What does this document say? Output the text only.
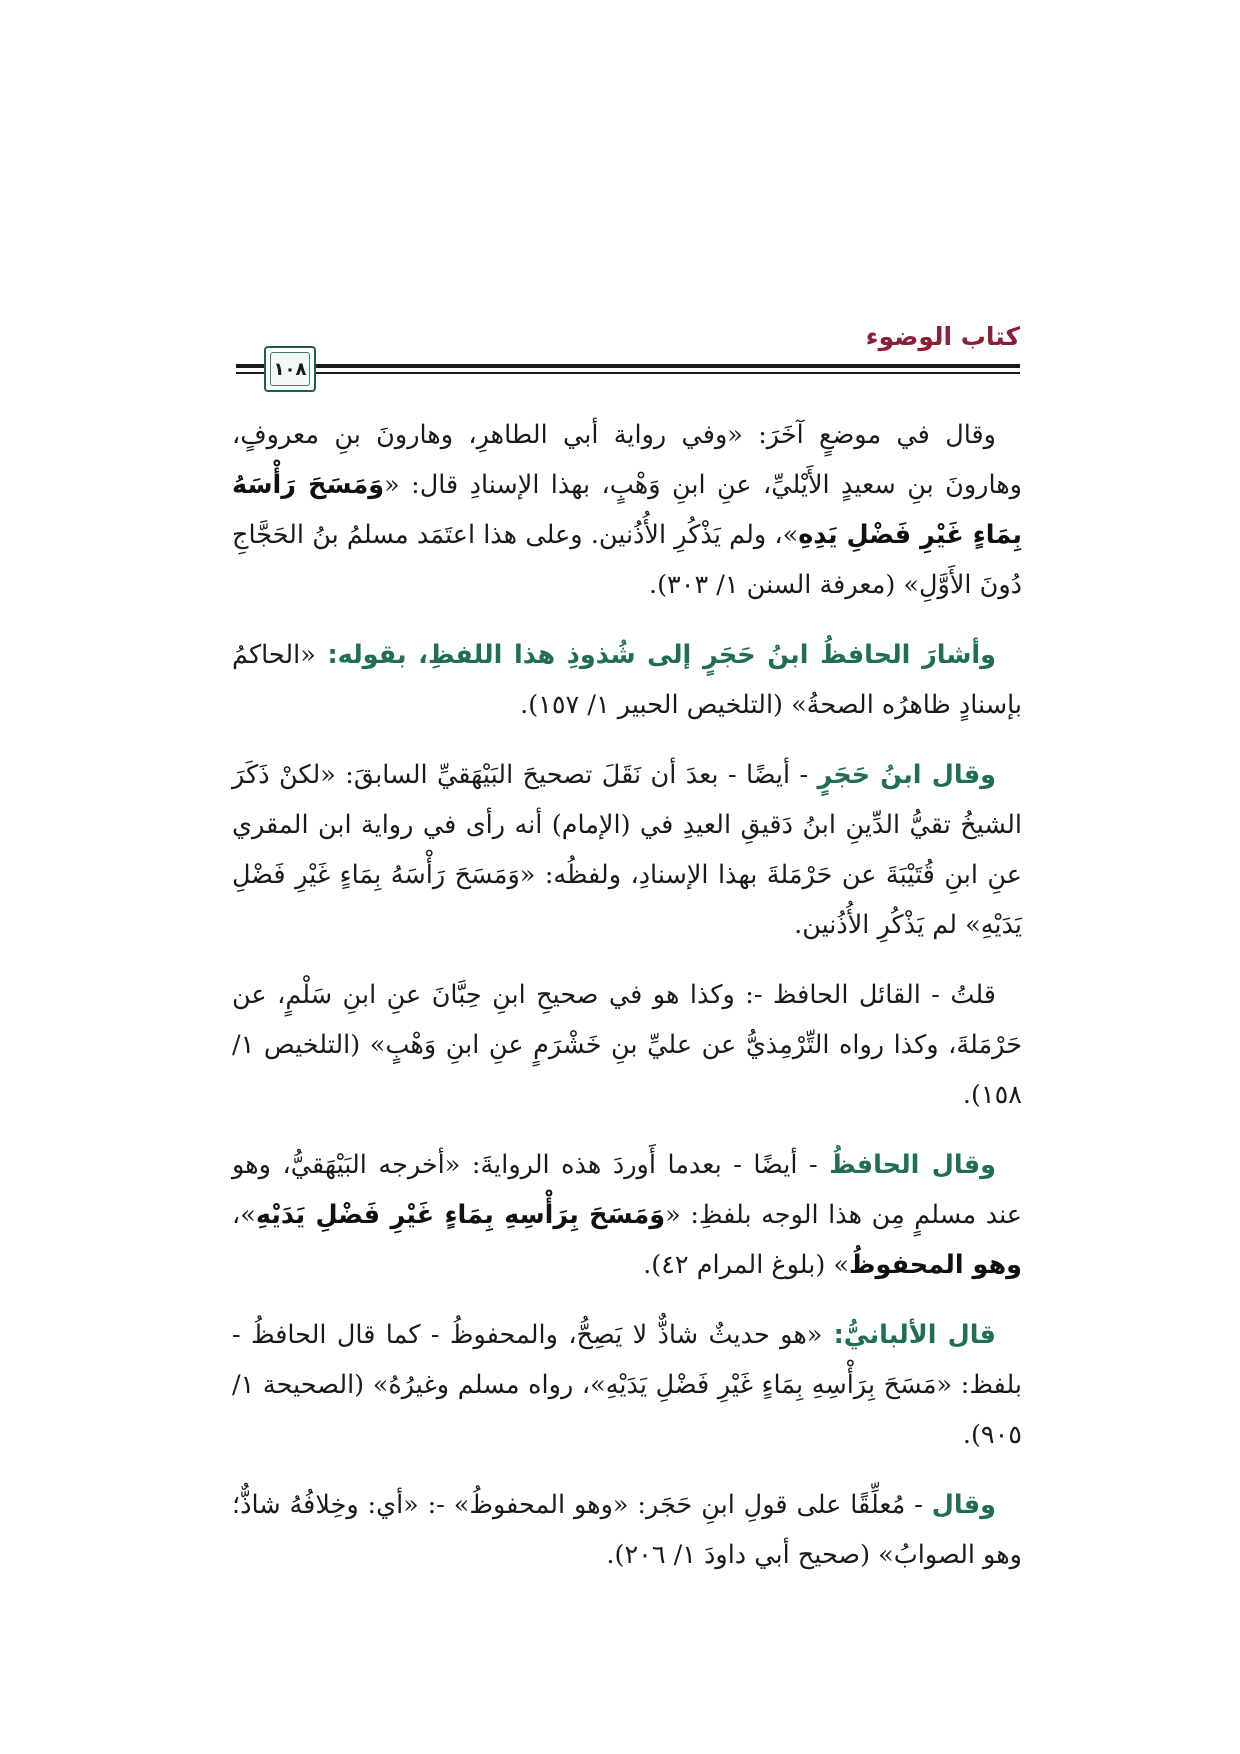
كتاب الوضوء
١٠٨

وقال في موضعٍ آخَرَ: «وفي رواية أبي الطاهرِ، وهارونَ بنِ معروفٍ، وهارونَ بنِ سعيدٍ الأَيْليِّ، عنِ ابنِ وَهْبٍ، بهذا الإسنادِ قال: «وَمَسَحَ رَأْسَهُ بِمَاءٍ غَيْرِ فَضْلِ يَدِهِ»، ولم يَذْكُرِ الأُذُنين. وعلى هذا اعتَمَد مسلمُ بنُ الحَجَّاجِ دُونَ الأَوَّلِ» (معرفة السنن ١/ ٣٠٣).

وأشارَ الحافظُ ابنُ حَجَرٍ إلى شُذوذِ هذا اللفظِ، بقوله: «الحاكمُ بإسنادٍ ظاهرُه الصحةُ» (التلخيص الحبير ١/ ١٥٧).

وقال ابنُ حَجَرٍ - أيضًا - بعدَ أن نَقَلَ تصحيحَ البَيْهَقيِّ السابقَ: «لكنْ ذَكَرَ الشيخُ تقيُّ الدِّينِ ابنُ دَقيقِ العيدِ في (الإمام) أنه رأى في رواية ابن المقري عنِ ابنِ قُتَيْبَةَ عن حَرْمَلةَ بهذا الإسنادِ، ولفظُه: «وَمَسَحَ رَأْسَهُ بِمَاءٍ غَيْرِ فَضْلِ يَدَيْهِ» لم يَذْكُرِ الأُذُنين.

قلتُ - القائل الحافظ -: وكذا هو في صحيحِ ابنِ حِبَّانَ عنِ ابنِ سَلْمٍ، عن حَرْمَلةَ، وكذا رواه التِّرْمِذيُّ عن عليِّ بنِ خَشْرَمٍ عنِ ابنِ وَهْبٍ» (التلخيص ١/ ١٥٨).

وقال الحافظُ - أيضًا - بعدما أَوردَ هذه الروايةَ: «أخرجه البَيْهَقيُّ، وهو عند مسلمٍ مِن هذا الوجه بلفظِ: «وَمَسَحَ بِرَأْسِهِ بِمَاءٍ غَيْرِ فَضْلِ يَدَيْهِ»، وهو المحفوظُ» (بلوغ المرام ٤٢).

قال الألبانيُّ: «هو حديثٌ شاذٌّ لا يَصِحُّ، والمحفوظُ - كما قال الحافظُ - بلفظ: «مَسَحَ بِرَأْسِهِ بِمَاءٍ غَيْرِ فَضْلِ يَدَيْهِ»، رواه مسلم وغيرُهُ» (الصحيحة ١/ ٩٠٥).

وقال - مُعلِّقًا على قولِ ابنِ حَجَر: «وهو المحفوظُ» -: «أي: وخِلافُهُ شاذٌّ؛ وهو الصوابُ» (صحيح أبي داودَ ١/ ٢٠٦).
